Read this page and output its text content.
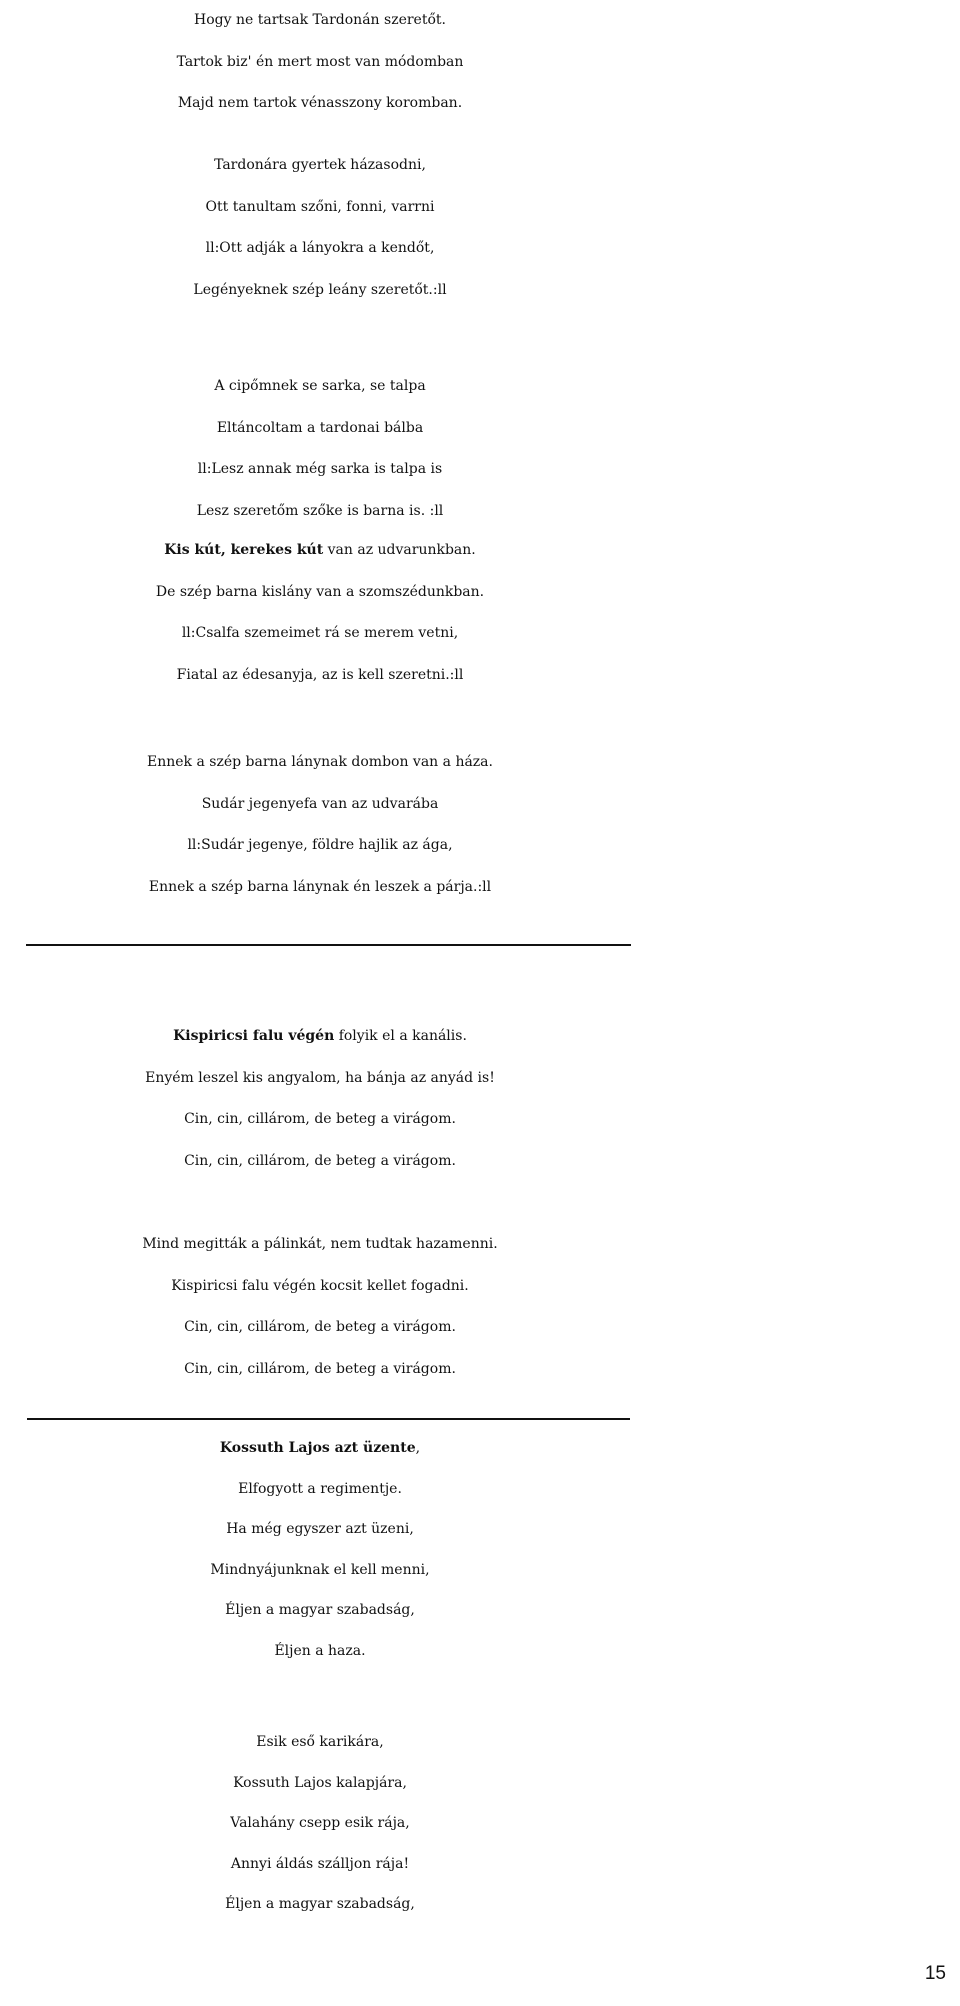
Hogy ne tartsak Tardonán szeretőt.
Tartok biz' én mert most van módomban
Majd nem tartok vénasszony koromban.
Tardonára gyertek házasodni,
Ott tanultam szőni, fonni, varrni
ll:Ott adják a lányokra a kendőt,
Legényeknek szép leány szeretőt.:ll
A cipőmnek se sarka, se talpa
Eltáncoltam a tardonai bálba
ll:Lesz annak még sarka is talpa is
Lesz szeretőm szőke is barna is. :ll
Kis kút, kerekes kút van az udvarunkban.
De szép barna kislány van a szomszédunkban.
ll:Csalfa szemeimet rá se merem vetni,
Fiatal az édesanyja, az is kell szeretni.:ll
Ennek a szép barna lánynak dombon van a háza.
Sudár jegenyefa van az udvarába
ll:Sudár jegenye, földre hajlik az ága,
Ennek a szép barna lánynak én leszek a párja.:ll
Kispiricsi falu végén folyik el a kanális.
Enyém leszel kis angyalom, ha bánja az anyád is!
Cin, cin, cillárom, de beteg a virágom.
Cin, cin, cillárom, de beteg a virágom.
Mind megitták a pálinkát, nem tudtak hazamenni.
Kispiricsi falu végén kocsit kellet fogadni.
Cin, cin, cillárom, de beteg a virágom.
Cin, cin, cillárom, de beteg a virágom.
Kossuth Lajos azt üzente,
Elfogyott a regimentje.
Ha még egyszer azt üzeni,
Mindnyájunknak el kell menni,
Éljen a magyar szabadság,
Éljen a haza.
Esik eső karikára,
Kossuth Lajos kalapjára,
Valahány csepp esik rája,
Annyi áldás szálljon rája!
Éljen a magyar szabadság,
15
